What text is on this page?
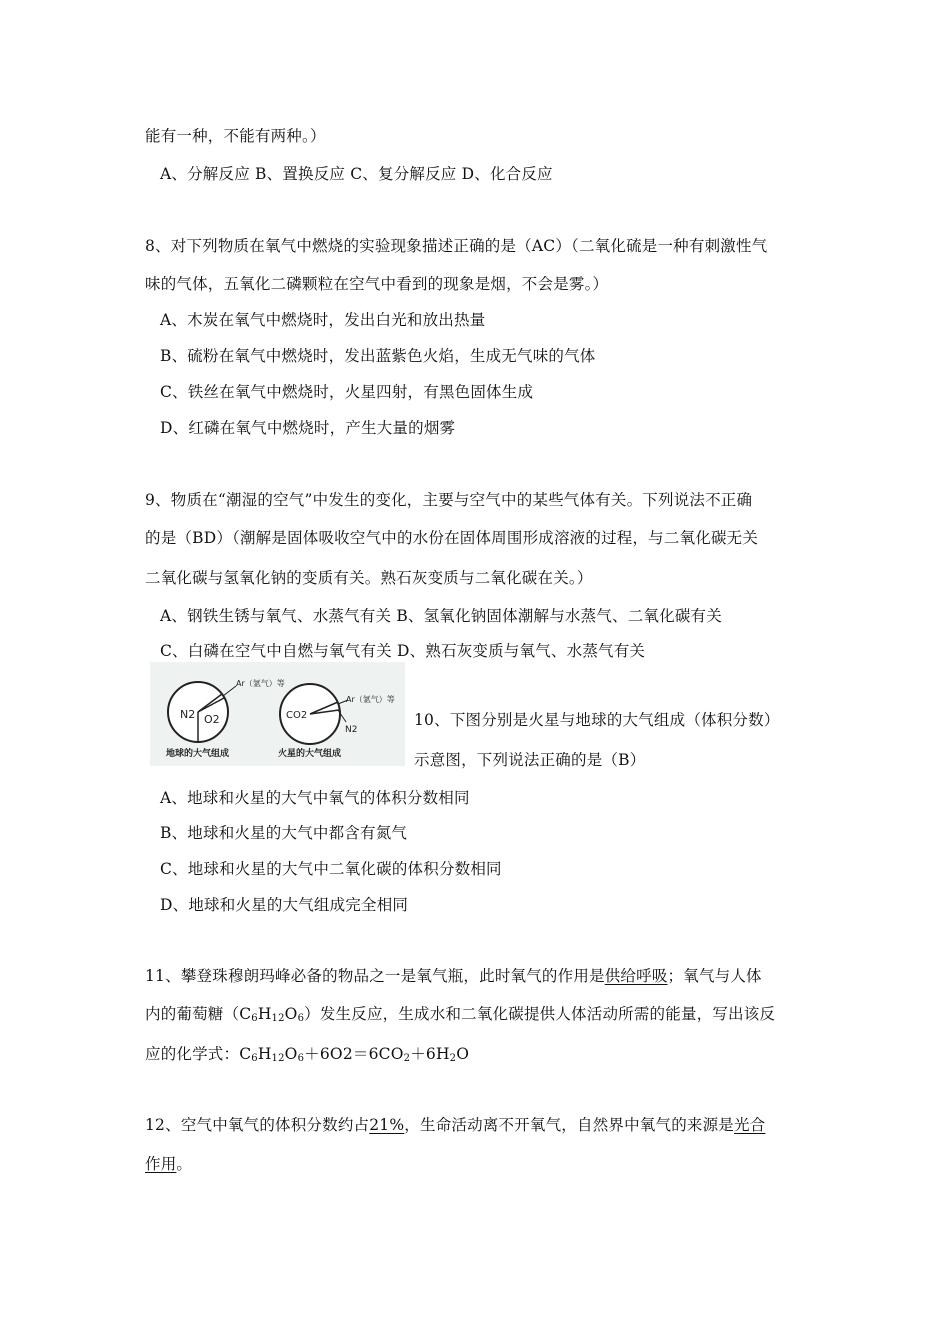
能有一种，不能有两种。）
A、分解反应 B、置换反应 C、复分解反应 D、化合反应
8、对下列物质在氧气中燃烧的实验现象描述正确的是（AC）（二氧化硫是一种有刺激性气
味的气体，五氧化二磷颗粒在空气中看到的现象是烟，不会是雾。）
A、木炭在氧气中燃烧时，发出白光和放出热量
B、硫粉在氧气中燃烧时，发出蓝紫色火焰，生成无气味的气体
C、铁丝在氧气中燃烧时，火星四射，有黑色固体生成
D、红磷在氧气中燃烧时，产生大量的烟雾
9、物质在“潮湿的空气”中发生的变化，主要与空气中的某些气体有关。下列说法不正确
的是（BD）（潮解是固体吸收空气中的水份在固体周围形成溶液的过程，与二氧化碳无关
二氧化碳与氢氧化钠的变质有关。熟石灰变质与二氧化碳在关。）
A、钢铁生锈与氧气、水蒸气有关 B、氢氧化钠固体潮解与水蒸气、二氧化碳有关
C、白磷在空气中自燃与氧气有关 D、熟石灰变质与氧气、水蒸气有关
N2 O2
Ar（氩气）等
地球的大气组成
CO2
Ar（氩气）等
N2
火星的大气组成
10、下图分别是火星与地球的大气组成（体积分数）
示意图，下列说法正确的是（B）
A、地球和火星的大气中氧气的体积分数相同
B、地球和火星的大气中都含有氮气
C、地球和火星的大气中二氧化碳的体积分数相同
D、地球和火星的大气组成完全相同
11、攀登珠穆朗玛峰必备的物品之一是氧气瓶，此时氧气的作用是供给呼吸；氧气与人体
内的葡萄糖$(C_6H_{12}O_6)$发生反应，生成水和二氧化碳提供人体活动所需的能量，写出该反
应的化学式：$C_6H_{12}O_6+6O2=6CO_2+6H_2O$
12、空气中氧气的体积分数约占21%，生命活动离不开氧气，自然界中氧气的来源是光合
作用。
